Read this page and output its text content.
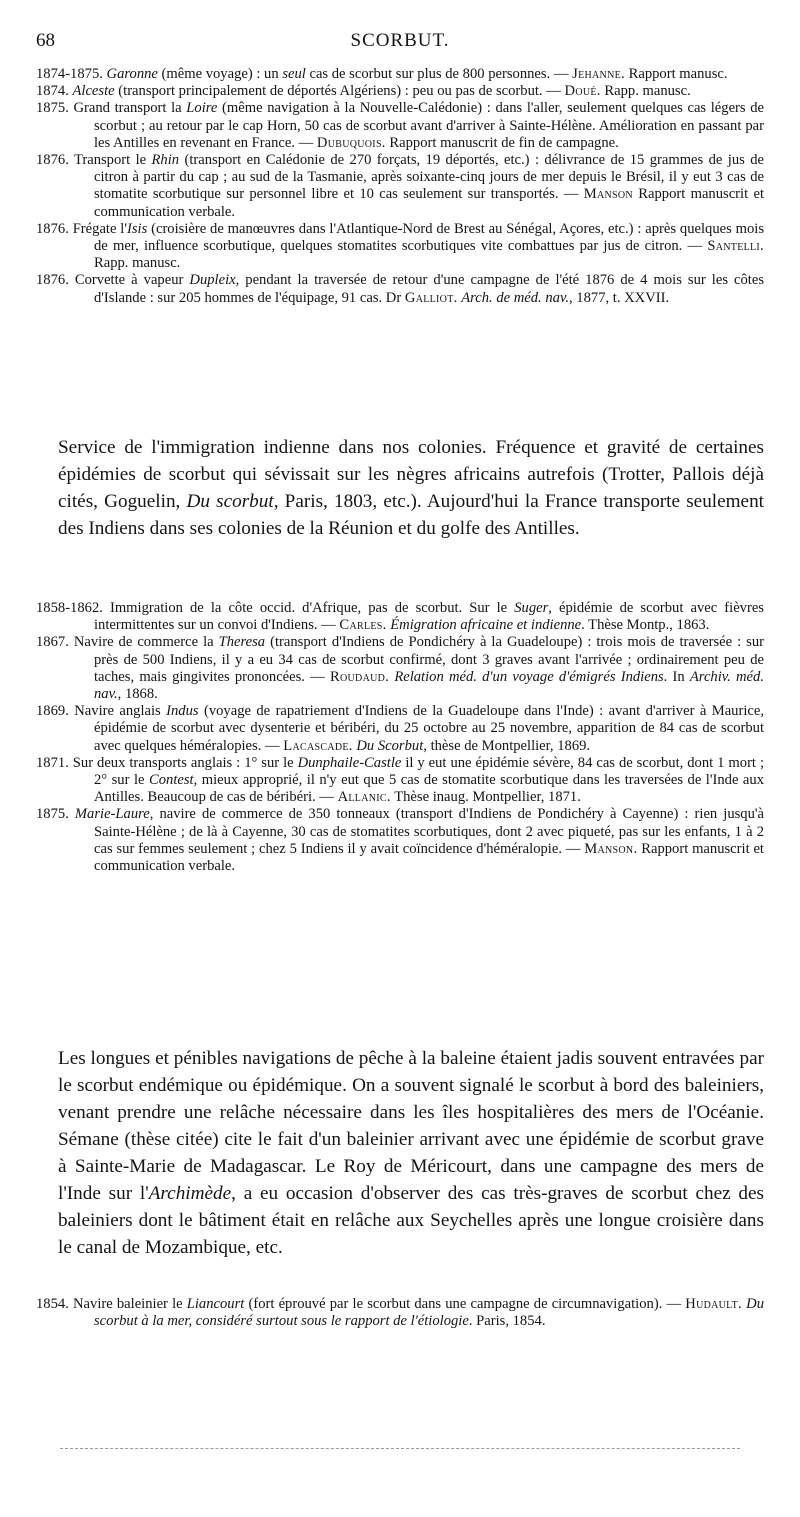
68	SCORBUT.
1874-1875. Garonne (même voyage) : un seul cas de scorbut sur plus de 800 personnes. — Jehanne. Rapport manusc.
1874. Alceste (transport principalement de déportés Algériens) : peu ou pas de scorbut. — Doué. Rapp. manusc.
1875. Grand transport la Loire (même navigation à la Nouvelle-Calédonie) : dans l'aller, seulement quelques cas légers de scorbut ; au retour par le cap Horn, 50 cas de scorbut avant d'arriver à Sainte-Hélène. Amélioration en passant par les Antilles en revenant en France. — Dubuquois. Rapport manuscrit de fin de campagne.
1876. Transport le Rhin (transport en Calédonie de 270 forçats, 19 déportés, etc.) : délivrance de 15 grammes de jus de citron à partir du cap ; au sud de la Tasmanie, après soixante-cinq jours de mer depuis le Brésil, il y eut 3 cas de stomatite scorbutique sur personnel libre et 10 cas seulement sur transportés. — Manson Rapport manuscrit et communication verbale.
1876. Frégate l'Isis (croisière de manœuvres dans l'Atlantique-Nord de Brest au Sénégal, Açores, etc.) : après quelques mois de mer, influence scorbutique, quelques stomatites scorbutiques vite combattues par jus de citron. — Santelli. Rapp. manusc.
1876. Corvette à vapeur Dupleix, pendant la traversée de retour d'une campagne de l'été 1876 de 4 mois sur les côtes d'Islande : sur 205 hommes de l'équipage, 91 cas. Dr Galliot. Arch. de méd. nav., 1877, t. XXVII.

Service de l'immigration indienne dans nos colonies. Fréquence et gravité de certaines épidémies de scorbut qui sévissait sur les nègres africains autrefois (Trotter, Pallois déjà cités, Goguelin, Du scorbut, Paris, 1803, etc.). Aujourd'hui la France transporte seulement des Indiens dans ses colonies de la Réunion et du golfe des Antilles.

1858-1862. Immigration de la côte occid. d'Afrique, pas de scorbut. Sur le Suger, épidémie de scorbut avec fièvres intermittentes sur un convoi d'Indiens. — Carles. Émigration africaine et indienne. Thèse Montp., 1863.
1867. Navire de commerce la Theresa (transport d'Indiens de Pondichéry à la Guadeloupe) : trois mois de traversée : sur près de 500 Indiens, il y a eu 34 cas de scorbut confirmé, dont 3 graves avant l'arrivée ; ordinairement peu de taches, mais gingivites prononcées. — Roudaud. Relation méd. d'un voyage d'émigrés Indiens. In Archiv. méd. nav., 1868.
1869. Navire anglais Indus (voyage de rapatriement d'Indiens de la Guadeloupe dans l'Inde) : avant d'arriver à Maurice, épidémie de scorbut avec dysenterie et béribéri, du 25 octobre au 25 novembre, apparition de 84 cas de scorbut avec quelques héméralopies. — Lacascade. Du Scorbut, thèse de Montpellier, 1869.
1871. Sur deux transports anglais : 1° sur le Dunphaile-Castle il y eut une épidémie sévère, 84 cas de scorbut, dont 1 mort ; 2° sur le Contest, mieux approprié, il n'y eut que 5 cas de stomatite scorbutique dans les traversées de l'Inde aux Antilles. Beaucoup de cas de béribéri. — Allanic. Thèse inaug. Montpellier, 1871.
1875. Marie-Laure, navire de commerce de 350 tonneaux (transport d'Indiens de Pondichéry à Cayenne) : rien jusqu'à Sainte-Hélène ; de là à Cayenne, 30 cas de stomatites scorbutiques, dont 2 avec piqueté, pas sur les enfants, 1 à 2 cas sur femmes seulement ; chez 5 Indiens il y avait coïncidence d'héméralopie. — Manson. Rapport manuscrit et communication verbale.

Les longues et pénibles navigations de pêche à la baleine étaient jadis souvent entravées par le scorbut endémique ou épidémique. On a souvent signalé le scorbut à bord des baleiniers, venant prendre une relâche nécessaire dans les îles hospitalières des mers de l'Océanie. Sémane (thèse citée) cite le fait d'un baleinier arrivant avec une épidémie de scorbut grave à Sainte-Marie de Madagascar. Le Roy de Méricourt, dans une campagne des mers de l'Inde sur l'Archimède, a eu occasion d'observer des cas très-graves de scorbut chez des baleiniers dont le bâtiment était en relâche aux Seychelles après une longue croisière dans le canal de Mozambique, etc.

1854. Navire baleinier le Liancourt (fort éprouvé par le scorbut dans une campagne de circumnavigation). — Hudault. Du scorbut à la mer, considéré surtout sous le rapport de l'étiologie. Paris, 1854.
